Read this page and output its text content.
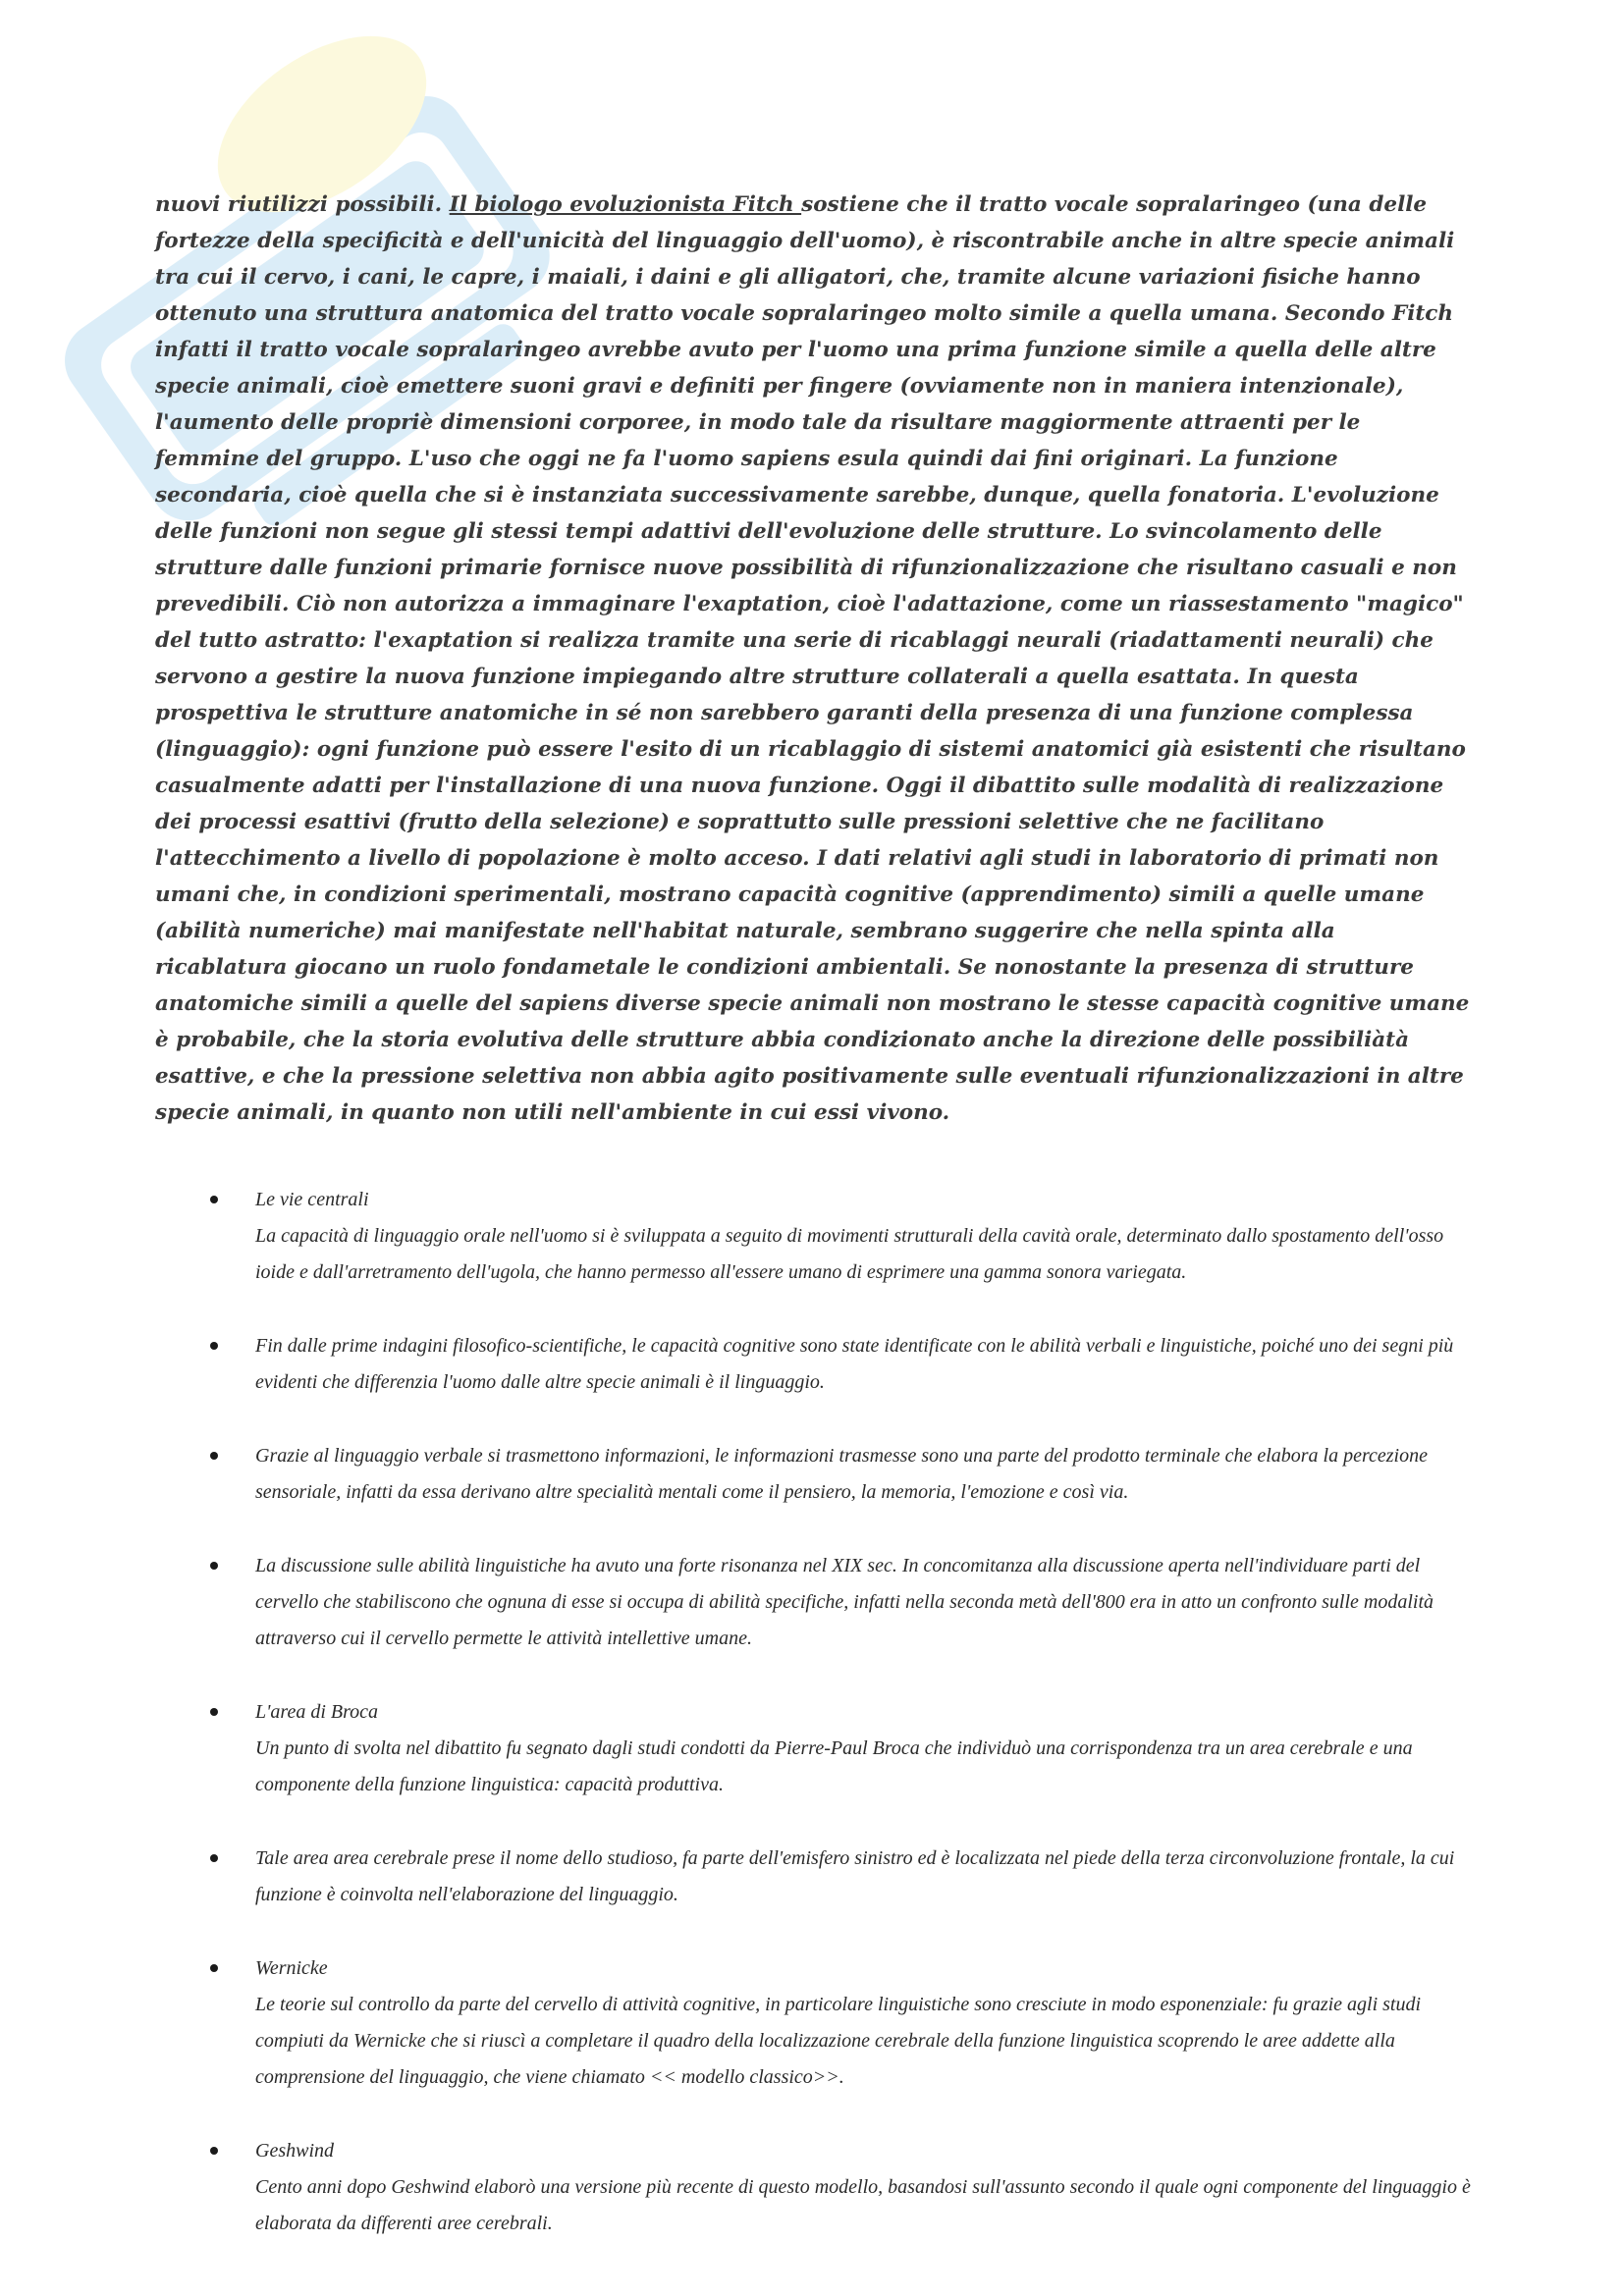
nuovi riutilizzi possibili. Il biologo evoluzionista Fitch sostiene che il tratto vocale sopralaringeo (una delle fortezze della specificità e dell'unicità del linguaggio dell'uomo), è riscontrabile anche in altre specie animali tra cui il cervo, i cani, le capre, i maiali, i daini e gli alligatori, che, tramite alcune variazioni fisiche hanno ottenuto una struttura anatomica del tratto vocale sopralaringeo molto simile a quella umana. Secondo Fitch infatti il tratto vocale sopralaringeo avrebbe avuto per l'uomo una prima funzione simile a quella delle altre specie animali, cioè emettere suoni gravi e definiti per fingere (ovviamente non in maniera intenzionale), l'aumento delle propriè dimensioni corporee, in modo tale da risultare maggiormente attraenti per le femmine del gruppo. L'uso che oggi ne fa l'uomo sapiens esula quindi dai fini originari. La funzione secondaria, cioè quella che si è instanziata successivamente sarebbe, dunque, quella fonatoria. L'evoluzione delle funzioni non segue gli stessi tempi adattivi dell'evoluzione delle strutture. Lo svincolamento delle strutture dalle funzioni primarie fornisce nuove possibilità di rifunzionalizzazione che risultano casuali e non prevedibili. Ciò non autorizza a immaginare l'exaptation, cioè l'adattazione, come un riassestamento "magico" del tutto astratto: l'exaptation si realizza tramite una serie di ricablaggi neurali (riadattamenti neurali) che servono a gestire la nuova funzione impiegando altre strutture collaterali a quella esattata. In questa prospettiva le strutture anatomiche in sé non sarebbero garanti della presenza di una funzione complessa (linguaggio): ogni funzione può essere l'esito di un ricablaggio di sistemi anatomici già esistenti che risultano casualmente adatti per l'installazione di una nuova funzione. Oggi il dibattito sulle modalità di realizzazione dei processi esattivi (frutto della selezione) e soprattutto sulle pressioni selettive che ne facilitano l'attecchimento a livello di popolazione è molto acceso. I dati relativi agli studi in laboratorio di primati non umani che, in condizioni sperimentali, mostrano capacità cognitive (apprendimento) simili a quelle umane (abilità numeriche) mai manifestate nell'habitat naturale, sembrano suggerire che nella spinta alla ricablatura giocano un ruolo fondametale le condizioni ambientali. Se nonostante la presenza di strutture anatomiche simili a quelle del sapiens diverse specie animali non mostrano le stesse capacità cognitive umane è probabile, che la storia evolutiva delle strutture abbia condizionato anche la direzione delle possibiliàtà esattive, e che la pressione selettiva non abbia agito positivamente sulle eventuali rifunzionalizzazioni in altre specie animali, in quanto non utili nell'ambiente in cui essi vivono.

Le vie centrali
La capacità di linguaggio orale nell'uomo si è sviluppata a seguito di movimenti strutturali della cavità orale, determinato dallo spostamento dell'osso ioide e dall'arretramento dell'ugola, che hanno permesso all'essere umano di esprimere una gamma sonora variegata.
Fin dalle prime indagini filosofico-scientifiche, le capacità cognitive sono state identificate con le abilità verbali e linguistiche, poiché uno dei segni più evidenti che differenzia l'uomo dalle altre specie animali è il linguaggio.
Grazie al linguaggio verbale si trasmettono informazioni, le informazioni trasmesse sono una parte del prodotto terminale che elabora la percezione sensoriale, infatti da essa derivano altre specialità mentali come il pensiero, la memoria, l'emozione e così via.
La discussione sulle abilità linguistiche ha avuto una forte risonanza nel XIX sec. In concomitanza alla discussione aperta nell'individuare parti del cervello che stabiliscono che ognuna di esse si occupa di abilità specifiche, infatti nella seconda metà dell'800 era in atto un confronto sulle modalità attraverso cui il cervello permette le attività intellettive umane.
L'area di Broca
Un punto di svolta nel dibattito fu segnato dagli studi condotti da Pierre-Paul Broca che individuò una corrispondenza tra un area cerebrale e una componente della funzione linguistica: capacità produttiva.
Tale area area cerebrale prese il nome dello studioso, fa parte dell'emisfero sinistro ed è localizzata nel piede della terza circonvoluzione frontale, la cui funzione è coinvolta nell'elaborazione del linguaggio.
Wernicke
Le teorie sul controllo da parte del cervello di attività cognitive, in particolare linguistiche sono cresciute in modo esponenziale: fu grazie agli studi compiuti da Wernicke che si riuscì a completare il quadro della localizzazione cerebrale della funzione linguistica scoprendo le aree addette alla comprensione del linguaggio, che viene chiamato << modello classico>>.
Geshwind
Cento anni dopo Geshwind elaborò una versione più recente di questo modello, basandosi sull'assunto secondo il quale ogni componente del linguaggio è elaborata da differenti aree cerebrali.
